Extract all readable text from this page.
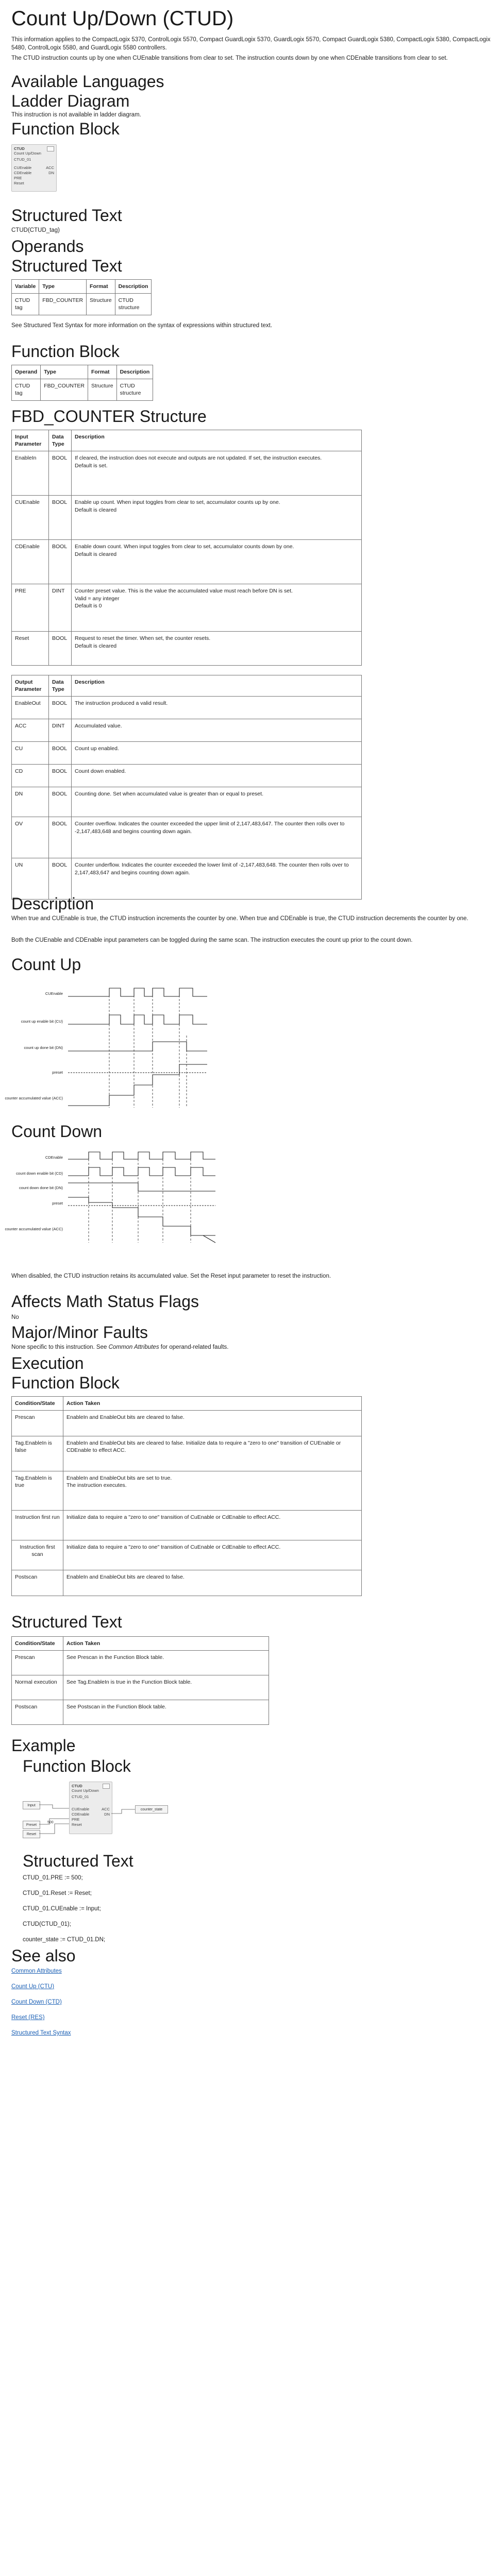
Count Up/Down (CTUD)

This information applies to the CompactLogix 5370, ControlLogix 5570, Compact GuardLogix 5370, GuardLogix 5570, Compact GuardLogix 5380, CompactLogix 5380, CompactLogix 5480, ControlLogix 5580, and GuardLogix 5580 controllers.

The CTUD instruction counts up by one when CUEnable transitions from clear to set. The instruction counts down by one when CDEnable transitions from clear to set.

Available Languages
Ladder Diagram

This instruction is not available in ladder diagram.

Function Block
CTUD
Count Up/Down
CTUD_01
CUEnable
CDEnable
PRE
Reset
ACC
DN
Structured Text

CTUD(CTUD_tag)

Operands
Structured Text
Variable	Type	Format	Description
CTUD tag	FBD_COUNTER	Structure	CTUD structure

See Structured Text Syntax for more information on the syntax of expressions within structured text.

Function Block
Operand	Type	Format	Description
CTUD tag	FBD_COUNTER	Structure	CTUD structure
FBD_COUNTER Structure
Input Parameter	Data Type	Description
EnableIn	BOOL	If cleared, the instruction does not execute and outputs are not updated. If set, the instruction executes.
Default is set.
CUEnable	BOOL	Enable up count. When input toggles from clear to set, accumulator counts up by one.
Default is cleared
CDEnable	BOOL	Enable down count. When input toggles from clear to set, accumulator counts down by one.
Default is cleared
PRE	DINT	Counter preset value. This is the value the accumulated value must reach before DN is set.
Valid = any integer
Default is 0
Reset	BOOL	Request to reset the timer. When set, the counter resets.
Default is cleared
Output Parameter	Data Type	Description
EnableOut	BOOL	The instruction produced a valid result.
ACC	DINT	Accumulated value.
CU	BOOL	Count up enabled.
CD	BOOL	Count down enabled.
DN	BOOL	Counting done. Set when accumulated value is greater than or equal to preset.
OV	BOOL	Counter overflow. Indicates the counter exceeded the upper limit of 2,147,483,647. The counter then rolls over to -2,147,483,648 and begins counting down again.
UN	BOOL	Counter underflow. Indicates the counter exceeded the lower limit of -2,147,483,648. The counter then rolls over to 2,147,483,647 and begins counting down again.
Description

When true and CUEnable is true, the CTUD instruction increments the counter by one. When true and CDEnable is true, the CTUD instruction decrements the counter by one.

Both the CUEnable and CDEnable input parameters can be toggled during the same scan. The instruction executes the count up prior to the count down.

Count Up
CUEnable
count up enable bit (CU)
count up done bit (DN)
preset
counter accumulated value (ACC)
Count Down
CDEnable
count down enable bit (CD)
count down done bit (DN)
preset
counter accumulated value (ACC)

When disabled, the CTUD instruction retains its accumulated value. Set the Reset input parameter to reset the instruction.

Affects Math Status Flags

No

Major/Minor Faults

None specific to this instruction. See Common Attributes for operand-related faults.

Execution
Function Block
Condition/State	Action Taken
Prescan	EnableIn and EnableOut bits are cleared to false.
Tag.EnableIn is false	EnableIn and EnableOut bits are cleared to false. Initialize data to require a "zero to one" transition of CUEnable or CDEnable to effect ACC.
Tag.EnableIn is true	EnableIn and EnableOut bits are set to true.
The instruction executes.
Instruction first run	Initialize data to require a "zero to one" transition of CuEnable or CdEnable to effect ACC.
Instruction first scan	Initialize data to require a "zero to one" transition of CuEnable or CdEnable to effect ACC.
Postscan	EnableIn and EnableOut bits are cleared to false.
Structured Text
Condition/State	Action Taken
Prescan	See Prescan in the Function Block table.
Normal execution	See Tag.EnableIn is true in the Function Block table.
Postscan	See Postscan in the Function Block table.
Example
Function Block
Input
Preset
Reset
500
CTUD
Count Up/Down
CTUD_01
CUEnable
CDEnable
PRE
Reset
ACC
DN
counter_state
Structured Text
CTUD_01.PRE := 500;
CTUD_01.Reset := Reset;
CTUD_01.CUEnable := Input;
CTUD(CTUD_01);
counter_state := CTUD_01.DN;
See also
Common Attributes
Count Up (CTU)
Count Down (CTD)
Reset (RES)
Structured Text Syntax
